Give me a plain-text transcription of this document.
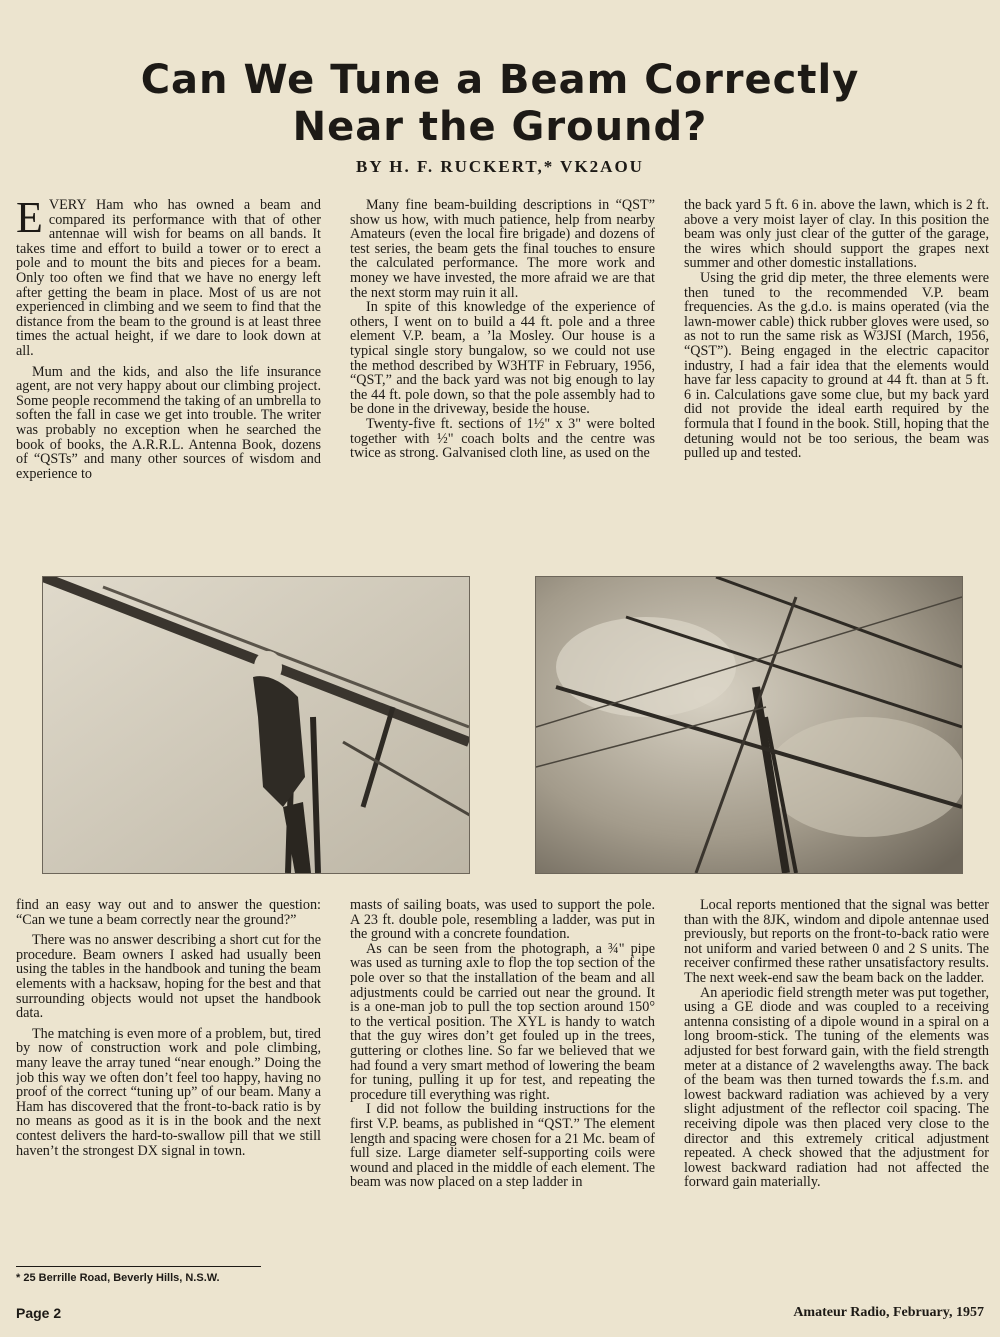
Can We Tune a Beam Correctly
Near the Ground?
BY H. F. RUCKERT,* VK2AOU

EVERY Ham who has owned a beam and compared its performance with that of other antennae will wish for beams on all bands. It takes time and effort to build a tower or to erect a pole and to mount the bits and pieces for a beam. Only too often we find that we have no energy left after getting the beam in place. Most of us are not experienced in climbing and we seem to find that the distance from the beam to the ground is at least three times the actual height, if we dare to look down at all.

Mum and the kids, and also the life insurance agent, are not very happy about our climbing project. Some people recommend the taking of an umbrella to soften the fall in case we get into trouble. The writer was probably no exception when he searched the book of books, the A.R.R.L. Antenna Book, dozens of “QSTs” and many other sources of wisdom and experience to

Many fine beam-building descriptions in “QST” show us how, with much patience, help from nearby Amateurs (even the local fire brigade) and dozens of test series, the beam gets the final touches to ensure the calculated performance. The more work and money we have invested, the more afraid we are that the next storm may ruin it all.

In spite of this knowledge of the experience of others, I went on to build a 44 ft. pole and a three element V.P. beam, a ’la Mosley. Our house is a typical single story bungalow, so we could not use the method described by W3HTF in February, 1956, “QST,” and the back yard was not big enough to lay the 44 ft. pole down, so that the pole assembly had to be done in the driveway, beside the house.

Twenty-five ft. sections of 1½" x 3" were bolted together with ½" coach bolts and the centre was twice as strong. Galvanised cloth line, as used on the

the back yard 5 ft. 6 in. above the lawn, which is 2 ft. above a very moist layer of clay. In this position the beam was only just clear of the gutter of the garage, the wires which should support the grapes next summer and other domestic installations.

Using the grid dip meter, the three elements were then tuned to the recommended V.P. beam frequencies. As the g.d.o. is mains operated (via the lawn-mower cable) thick rubber gloves were used, so as not to run the same risk as W3JSI (March, 1956, “QST”). Being engaged in the electric capacitor industry, I had a fair idea that the elements would have far less capacity to ground at 44 ft. than at 5 ft. 6 in. Calculations gave some clue, but my back yard did not provide the ideal earth required by the formula that I found in the book. Still, hoping that the detuning would not be too serious, the beam was pulled up and tested.

find an easy way out and to answer the question: “Can we tune a beam correctly near the ground?”

There was no answer describing a short cut for the procedure. Beam owners I asked had usually been using the tables in the handbook and tuning the beam elements with a hacksaw, hoping for the best and that surrounding objects would not upset the handbook data.

The matching is even more of a problem, but, tired by now of construction work and pole climbing, many leave the array tuned “near enough.” Doing the job this way we often don’t feel too happy, having no proof of the correct “tuning up” of our beam. Many a Ham has discovered that the front-to-back ratio is by no means as good as it is in the book and the next contest delivers the hard-to-swallow pill that we still haven’t the strongest DX signal in town.

masts of sailing boats, was used to support the pole. A 23 ft. double pole, resembling a ladder, was put in the ground with a concrete foundation.

As can be seen from the photograph, a ¾" pipe was used as turning axle to flop the top section of the pole over so that the installation of the beam and all adjustments could be carried out near the ground. It is a one-man job to pull the top section around 150° to the vertical position. The XYL is handy to watch that the guy wires don’t get fouled up in the trees, guttering or clothes line. So far we believed that we had found a very smart method of lowering the beam for tuning, pulling it up for test, and repeating the procedure till everything was right.

I did not follow the building instructions for the first V.P. beams, as published in “QST.” The element length and spacing were chosen for a 21 Mc. beam of full size. Large diameter self-supporting coils were wound and placed in the middle of each element. The beam was now placed on a step ladder in

Local reports mentioned that the signal was better than with the 8JK, windom and dipole antennae used previously, but reports on the front-to-back ratio were not uniform and varied between 0 and 2 S units. The receiver confirmed these rather unsatisfactory results. The next week-end saw the beam back on the ladder.

An aperiodic field strength meter was put together, using a GE diode and was coupled to a receiving antenna consisting of a dipole wound in a spiral on a long broom-stick. The tuning of the elements was adjusted for best forward gain, with the field strength meter at a distance of 2 wavelengths away. The back of the beam was then turned towards the f.s.m. and lowest backward radiation was achieved by a very slight adjustment of the reflector coil spacing. The receiving dipole was then placed very close to the director and this extremely critical adjustment repeated. A check showed that the adjustment for lowest backward radiation had not affected the forward gain materially.

* 25 Berrille Road, Beverly Hills, N.S.W.
Page 2	Amateur Radio, February, 1957
